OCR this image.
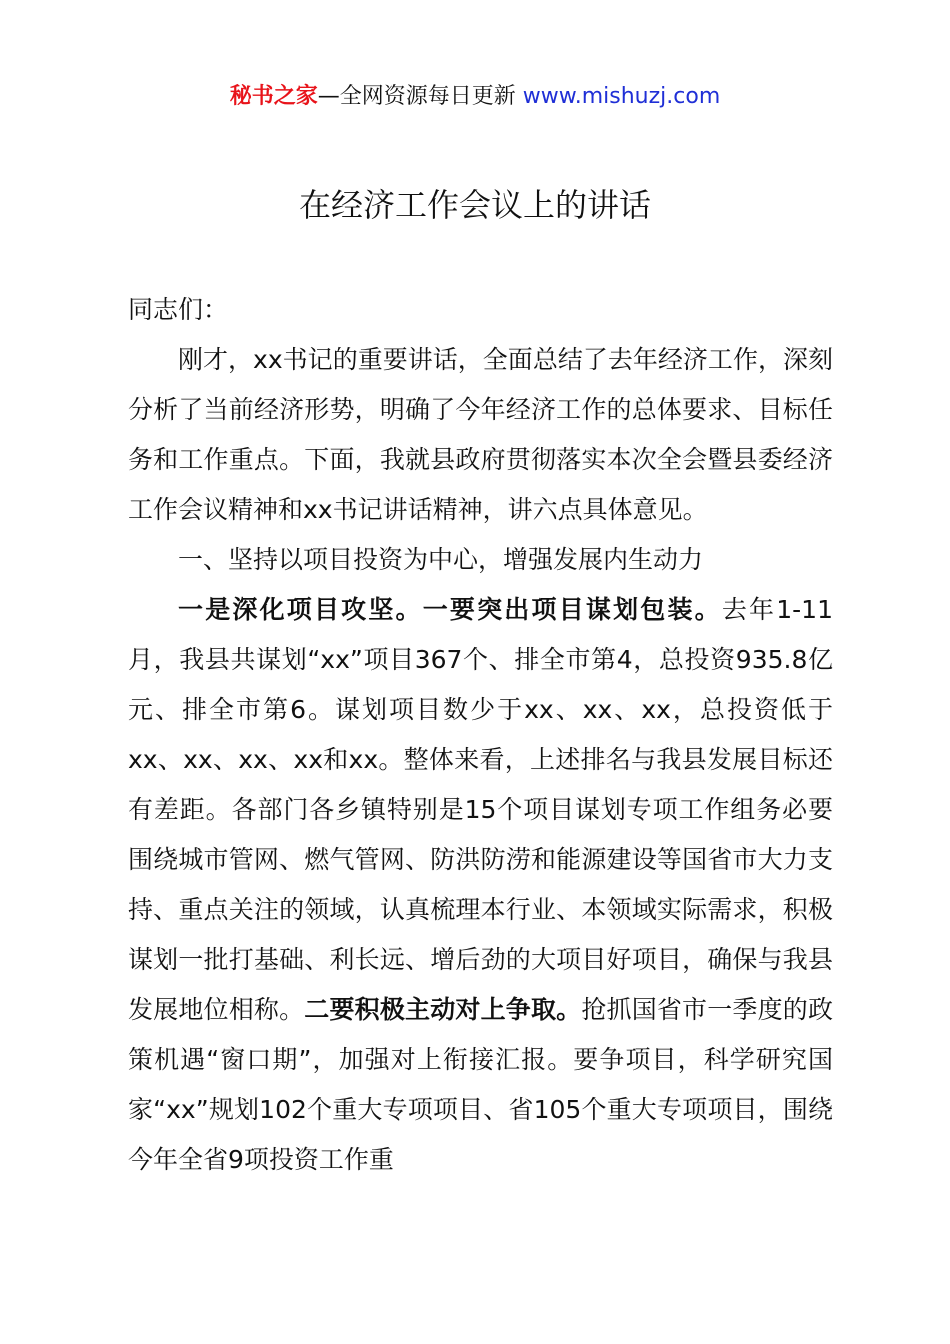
秘书之家—全网资源每日更新 www.mishuzj.com
在经济工作会议上的讲话

同志们：

刚才，xx书记的重要讲话，全面总结了去年经济工作，深刻分析了当前经济形势，明确了今年经济工作的总体要求、目标任务和工作重点。下面，我就县政府贯彻落实本次全会暨县委经济工作会议精神和xx书记讲话精神，讲六点具体意见。

一、坚持以项目投资为中心，增强发展内生动力

一是深化项目攻坚。一要突出项目谋划包装。去年1-11月，我县共谋划“xx”项目367个、排全市第4，总投资935.8亿元、排全市第6。谋划项目数少于xx、xx、xx，总投资低于xx、xx、xx、xx和xx。整体来看，上述排名与我县发展目标还有差距。各部门各乡镇特别是15个项目谋划专项工作组务必要围绕城市管网、燃气管网、防洪防涝和能源建设等国省市大力支持、重点关注的领域，认真梳理本行业、本领域实际需求，积极谋划一批打基础、利长远、增后劲的大项目好项目，确保与我县发展地位相称。二要积极主动对上争取。抢抓国省市一季度的政策机遇“窗口期”，加强对上衔接汇报。要争项目，科学研究国家“xx”规划102个重大专项项目、省105个重大专项项目，围绕今年全省9项投资工作重
